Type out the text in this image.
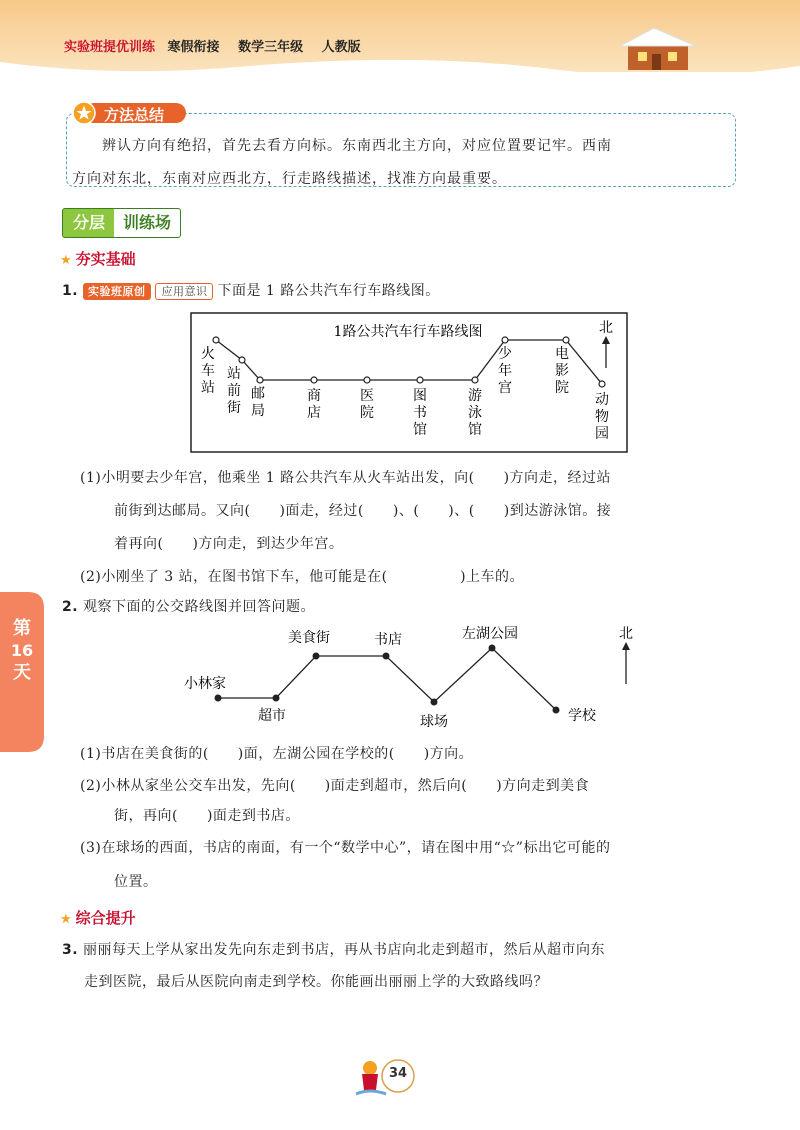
实验班提优训练 寒假衔接 数学三年级 人教版
方法总结
辨认方向有绝招，首先去看方向标。东南西北主方向，对应位置要记牢。西南
方向对东北，东南对应西北方，行走路线描述，找准方向最重要。
分层	训练场
★ 夯实基础
1. 实验班原创 应用意识 下面是 1 路公共汽车行车路线图。
1路公共汽车行车路线图
火车站
站前街
邮局
商店
医院
图书馆
游泳馆
少年宫
电影院
动物园
北
(1)小明要去少年宫，他乘坐 1 路公共汽车从火车站出发，向(　　)方向走，经过站
前街到达邮局。又向(　　)面走，经过(　　)、(　　)、(　　)到达游泳馆。接
着再向(　　)方向走，到达少年宫。
(2)小刚坐了 3 站，在图书馆下车，他可能是在(　　　　　)上车的。
2. 观察下面的公交路线图并回答问题。
小林家
超市
美食街	书店
球场
左湖公园
学校
北
(1)书店在美食街的(　　)面，左湖公园在学校的(　　)方向。
(2)小林从家坐公交车出发，先向(　　)面走到超市，然后向(　　)方向走到美食
街，再向(　　)面走到书店。
(3)在球场的西面，书店的南面，有一个“数学中心”，请在图中用“☆”标出它可能的
位置。
★ 综合提升
3. 丽丽每天上学从家出发先向东走到书店，再从书店向北走到超市，然后从超市向东
走到医院，最后从医院向南走到学校。你能画出丽丽上学的大致路线吗？
第
16
天
34
